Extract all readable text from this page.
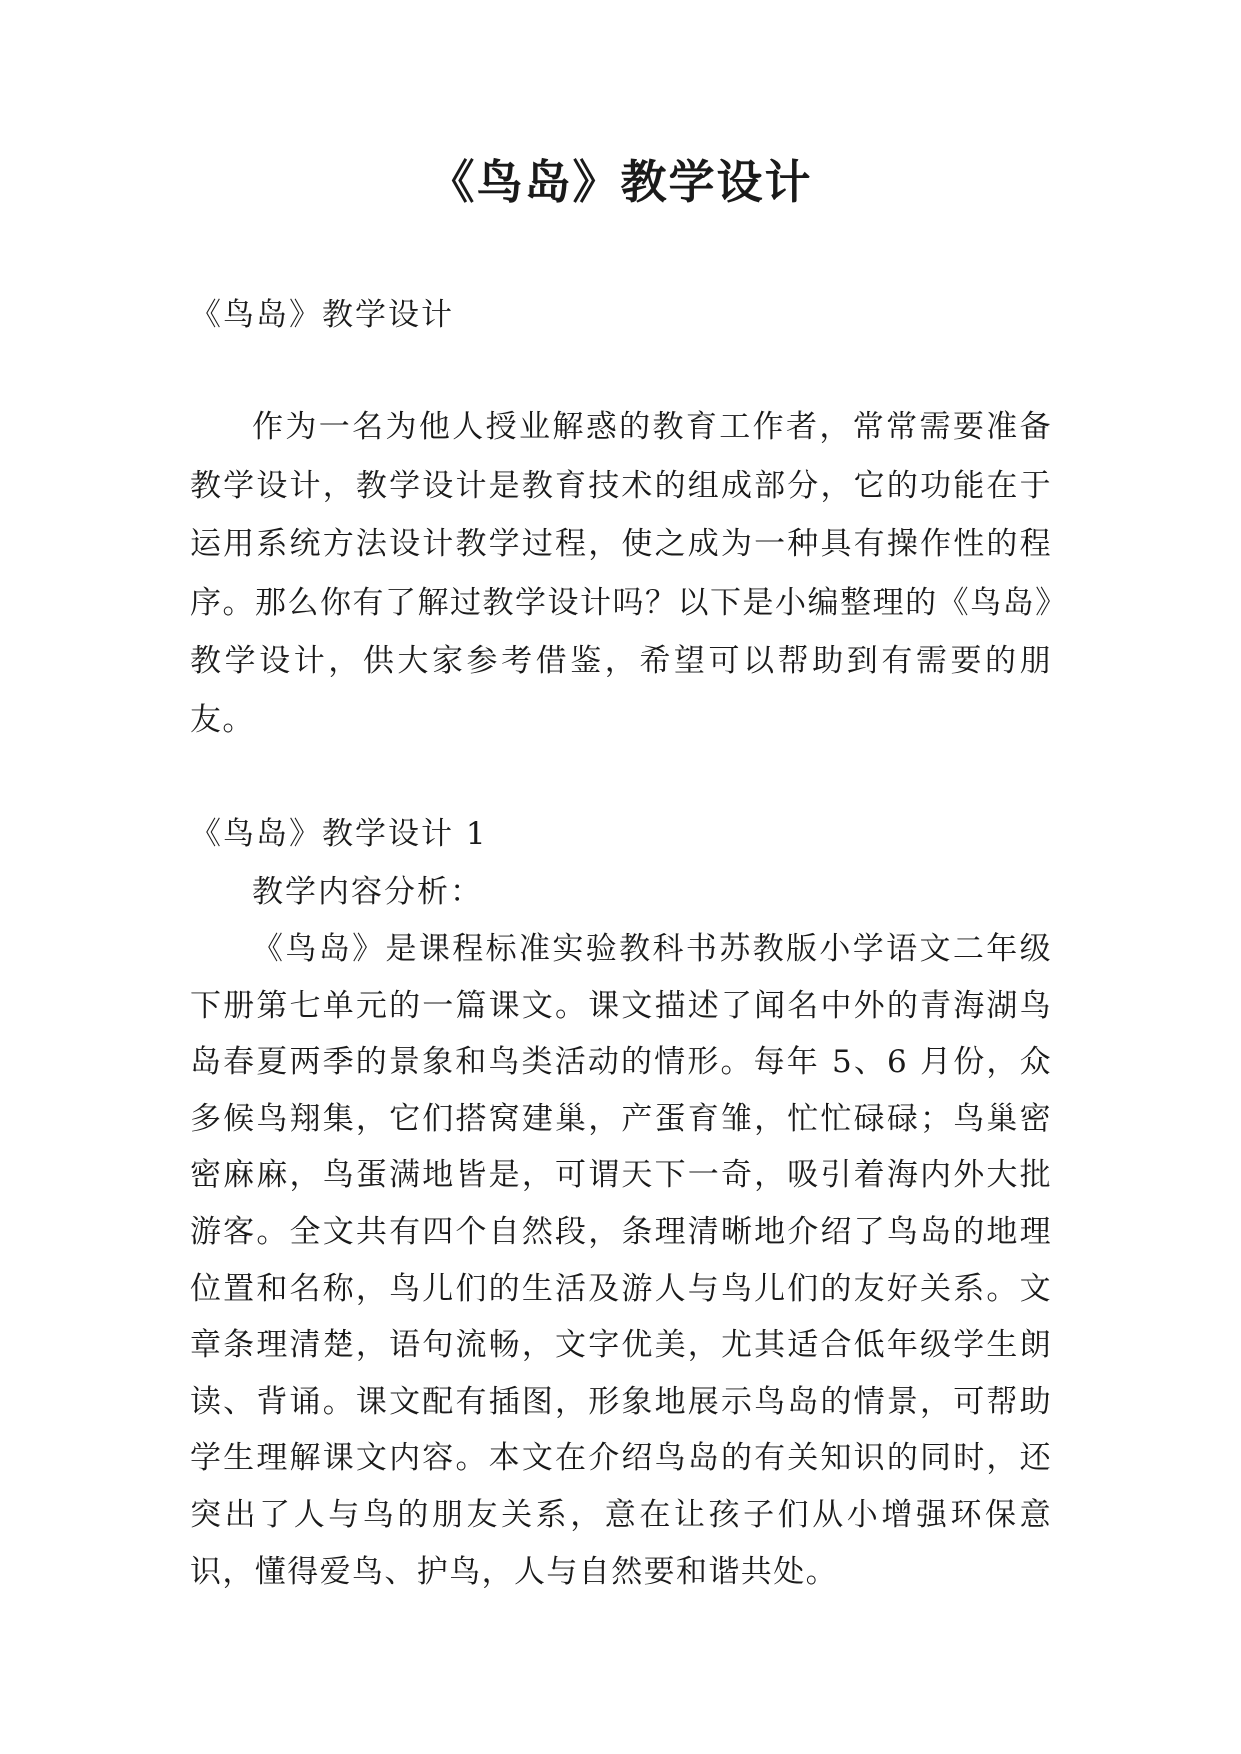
《鸟岛》教学设计

《鸟岛》教学设计

作为一名为他人授业解惑的教育工作者，常常需要准备教学设计，教学设计是教育技术的组成部分，它的功能在于运用系统方法设计教学过程，使之成为一种具有操作性的程序。那么你有了解过教学设计吗？以下是小编整理的《鸟岛》教学设计，供大家参考借鉴，希望可以帮助到有需要的朋友。

《鸟岛》教学设计 1

教学内容分析：

《鸟岛》是课程标准实验教科书苏教版小学语文二年级下册第七单元的一篇课文。课文描述了闻名中外的青海湖鸟岛春夏两季的景象和鸟类活动的情形。每年 5、6 月份，众多候鸟翔集，它们搭窝建巢，产蛋育雏，忙忙碌碌；鸟巢密密麻麻，鸟蛋满地皆是，可谓天下一奇，吸引着海内外大批游客。全文共有四个自然段，条理清晰地介绍了鸟岛的地理位置和名称，鸟儿们的生活及游人与鸟儿们的友好关系。文章条理清楚，语句流畅，文字优美，尤其适合低年级学生朗读、背诵。课文配有插图，形象地展示鸟岛的情景，可帮助学生理解课文内容。本文在介绍鸟岛的有关知识的同时，还突出了人与鸟的朋友关系，意在让孩子们从小增强环保意识，懂得爱鸟、护鸟，人与自然要和谐共处。
